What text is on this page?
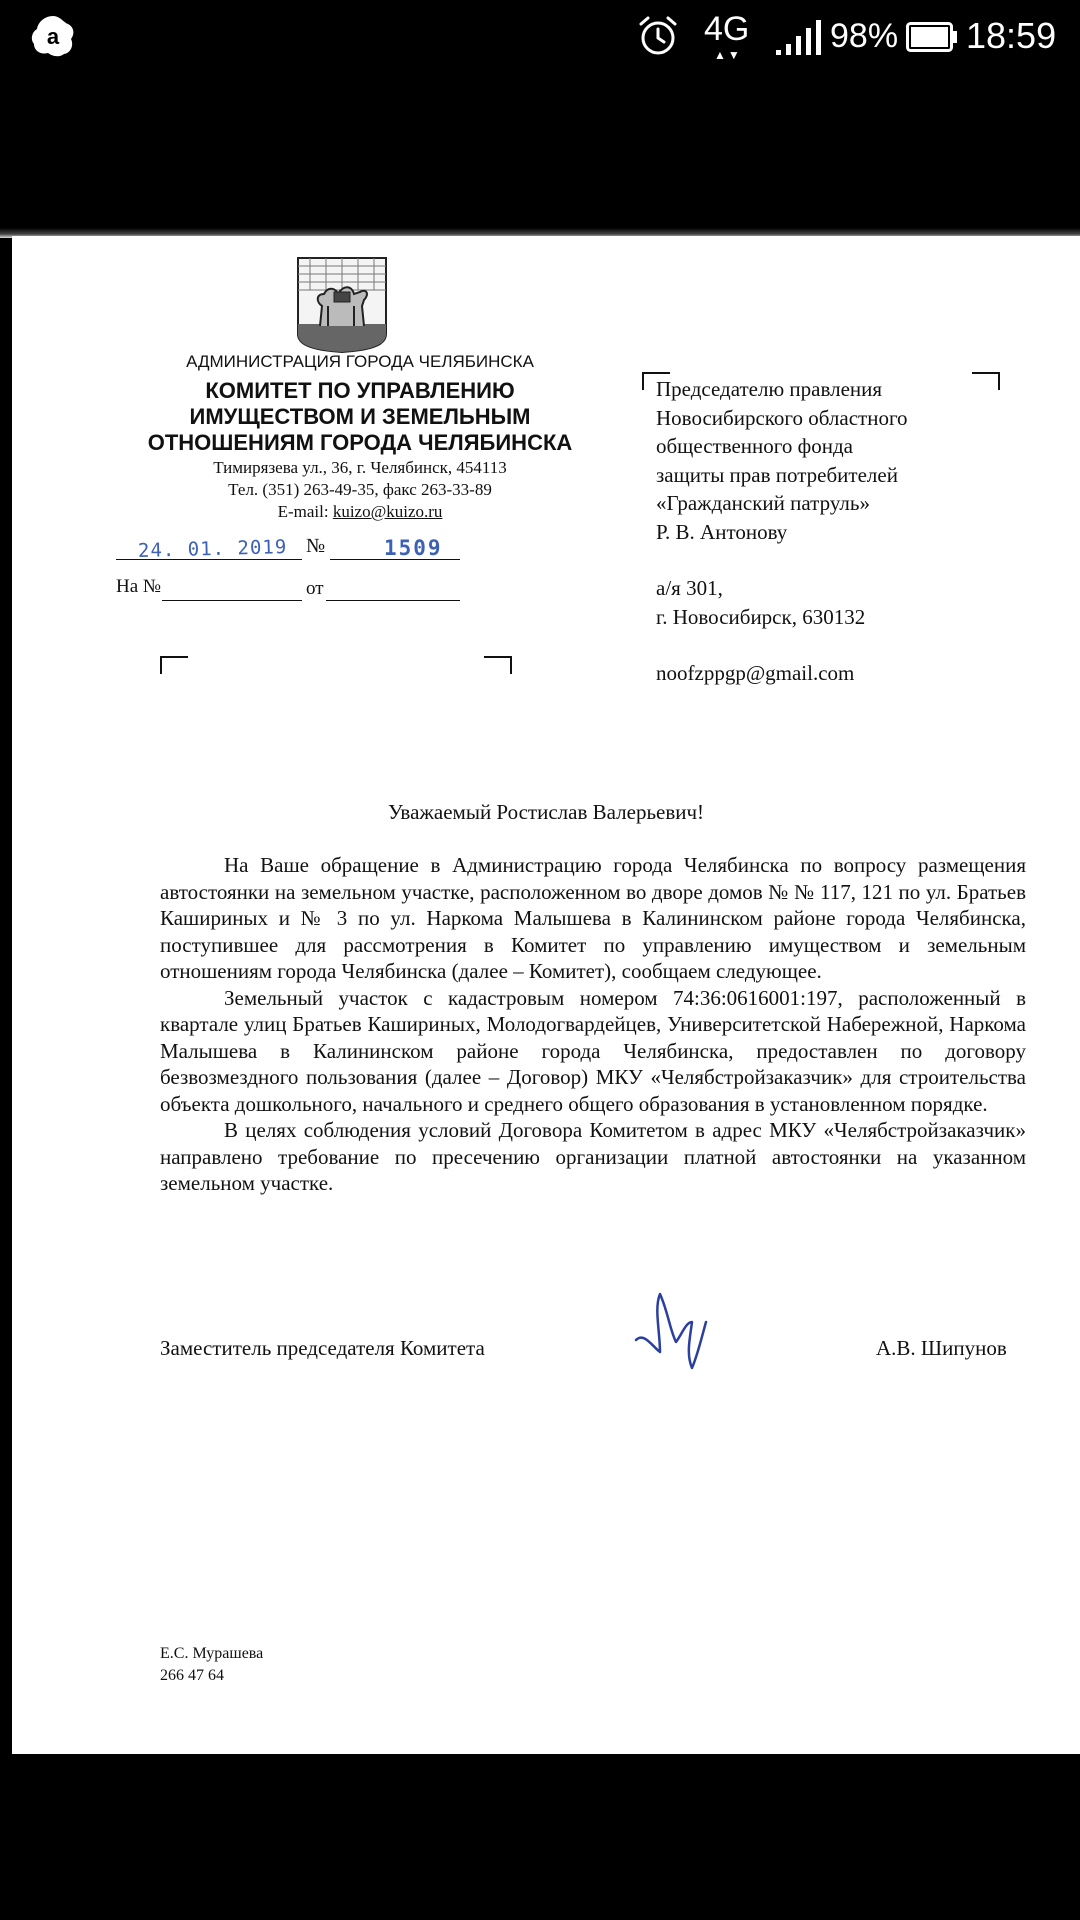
a	4G
▲▼	98% 18:59
АДМИНИСТРАЦИЯ ГОРОДА ЧЕЛЯБИНСКА
КОМИТЕТ ПО УПРАВЛЕНИЮ
ИМУЩЕСТВОМ И ЗЕМЕЛЬНЫМ
ОТНОШЕНИЯМ ГОРОДА ЧЕЛЯБИНСКА
Тимирязева ул., 36, г. Челябинск, 454113
Тел. (351) 263-49-35, факс 263-33-89
E-mail: kuizo@kuizo.ru
24. 01. 2019 №	1509
На №	от
Председателю правления
Новосибирского областного
общественного фонда
защиты прав потребителей
«Гражданский патруль»
Р. В. Антонову
а/я 301,
г. Новосибирск, 630132
noofzppgp@gmail.com
Уважаемый Ростислав Валерьевич!

На Ваше обращение в Администрацию города Челябинска по вопросу размещения автостоянки на земельном участке, расположенном во дворе домов № № 117, 121 по ул. Братьев Кашириных и № 3 по ул. Наркома Малышева в Калининском районе города Челябинска, поступившее для рассмотрения в Комитет по управлению имуществом и земельным отношениям города Челябинска (далее – Комитет), сообщаем следующее.

Земельный участок с кадастровым номером 74:36:0616001:197, расположенный в квартале улиц Братьев Кашириных, Молодогвардейцев, Университетской Набережной, Наркома Малышева в Калининском районе города Челябинска, предоставлен по договору безвозмездного пользования (далее – Договор) МКУ «Челябстройзаказчик» для строительства объекта дошкольного, начального и среднего общего образования в установленном порядке.

В целях соблюдения условий Договора Комитетом в адрес МКУ «Челябстройзаказчик» направлено требование по пресечению организации платной автостоянки на указанном земельном участке.

Заместитель председателя Комитета	А.В. Шипунов
Е.С. Мурашева
266 47 64
